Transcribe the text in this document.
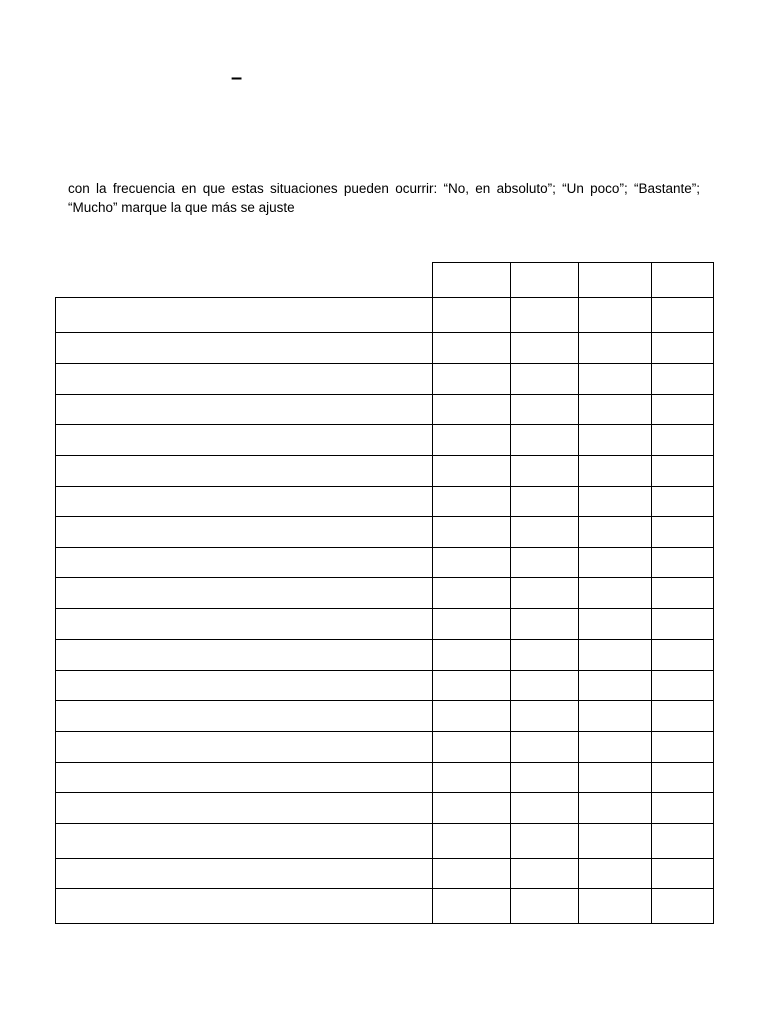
–
con la frecuencia en que estas situaciones pueden ocurrir: “No, en absoluto”; “Un poco”; “Bastante”; “Mucho” marque la que más se ajuste
